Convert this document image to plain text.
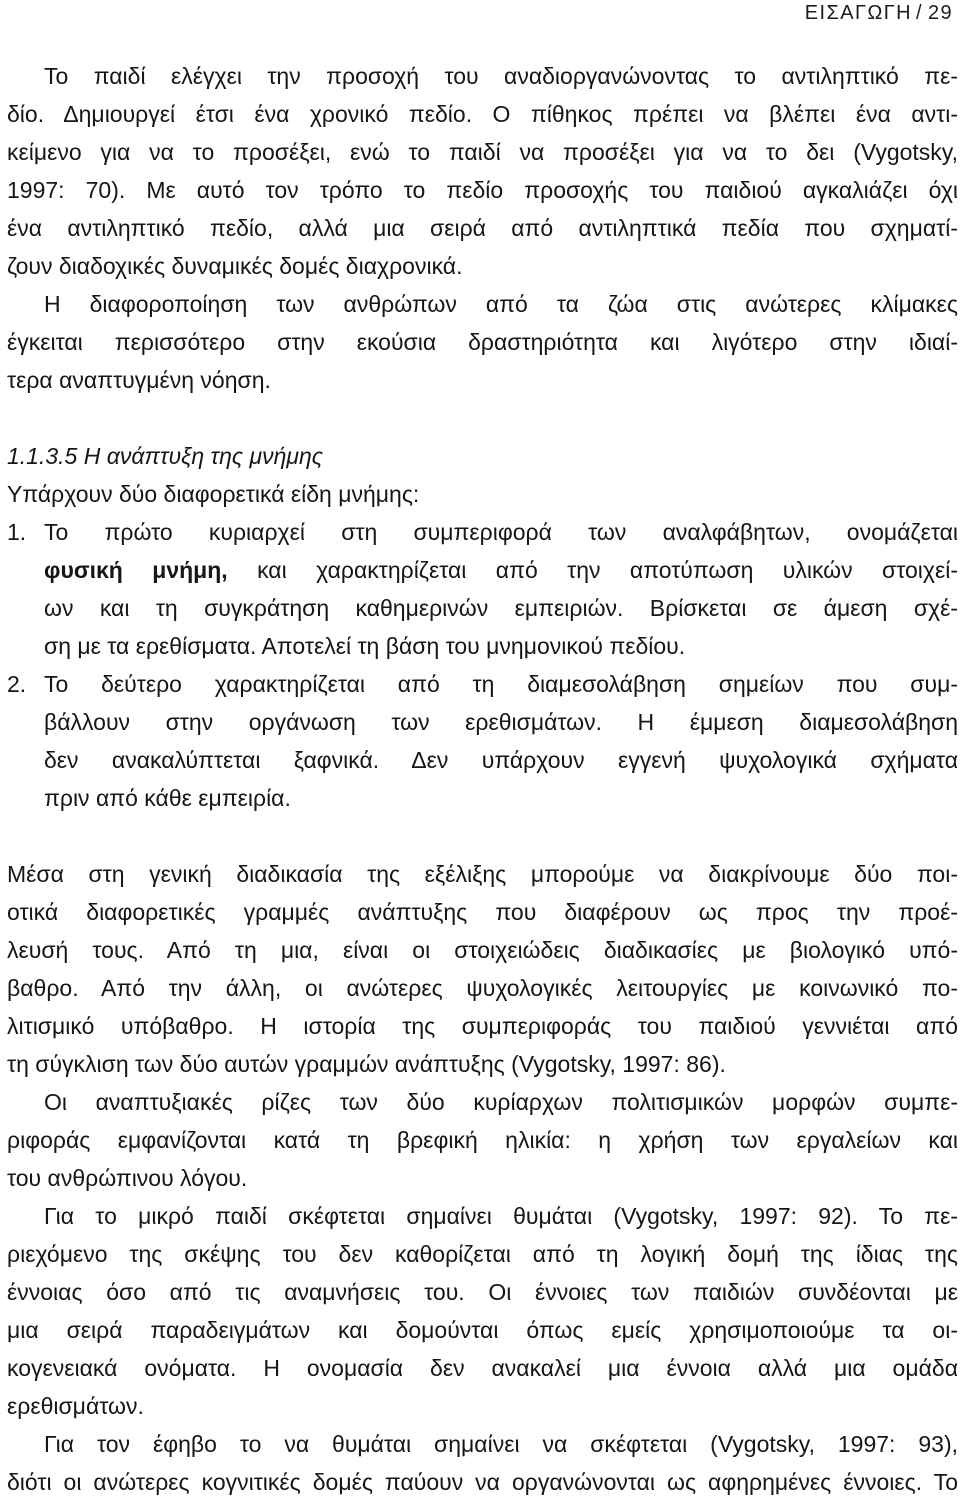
ΕΙΣΑΓΩΓΗ / 29
Το παιδί ελέγχει την προσοχή του αναδιοργανώνοντας το αντιληπτικό πε-
δίο. Δημιουργεί έτσι ένα χρονικό πεδίο. Ο πίθηκος πρέπει να βλέπει ένα αντι-
κείμενο για να το προσέξει, ενώ το παιδί να προσέξει για να το δει (Vygotsky,
1997: 70). Με αυτό τον τρόπο το πεδίο προσοχής του παιδιού αγκαλιάζει όχι
ένα αντιληπτικό πεδίο, αλλά μια σειρά από αντιληπτικά πεδία που σχηματί-
ζουν διαδοχικές δυναμικές δομές διαχρονικά.
Η διαφοροποίηση των ανθρώπων από τα ζώα στις ανώτερες κλίμακες
έγκειται περισσότερο στην εκούσια δραστηριότητα και λιγότερο στην ιδιαί-
τερα αναπτυγμένη νόηση.
1.1.3.5 Η ανάπτυξη της μνήμης
Υπάρχουν δύο διαφορετικά είδη μνήμης:
1. Το πρώτο κυριαρχεί στη συμπεριφορά των αναλφάβητων, ονομάζεται
φυσική μνήμη, και χαρακτηρίζεται από την αποτύπωση υλικών στοιχεί-
ων και τη συγκράτηση καθημερινών εμπειριών. Βρίσκεται σε άμεση σχέ-
ση με τα ερεθίσματα. Αποτελεί τη βάση του μνημονικού πεδίου.
2. Το δεύτερο χαρακτηρίζεται από τη διαμεσολάβηση σημείων που συμ-
βάλλουν στην οργάνωση των ερεθισμάτων. Η έμμεση διαμεσολάβηση
δεν ανακαλύπτεται ξαφνικά. Δεν υπάρχουν εγγενή ψυχολογικά σχήματα
πριν από κάθε εμπειρία.
Μέσα στη γενική διαδικασία της εξέλιξης μπορούμε να διακρίνουμε δύο ποι-
οτικά διαφορετικές γραμμές ανάπτυξης που διαφέρουν ως προς την προέ-
λευσή τους. Από τη μια, είναι οι στοιχειώδεις διαδικασίες με βιολογικό υπό-
βαθρο. Από την άλλη, οι ανώτερες ψυχολογικές λειτουργίες με κοινωνικό πο-
λιτισμικό υπόβαθρο. Η ιστορία της συμπεριφοράς του παιδιού γεννιέται από
τη σύγκλιση των δύο αυτών γραμμών ανάπτυξης (Vygotsky, 1997: 86).
Οι αναπτυξιακές ρίζες των δύο κυρίαρχων πολιτισμικών μορφών συμπε-
ριφοράς εμφανίζονται κατά τη βρεφική ηλικία: η χρήση των εργαλείων και
του ανθρώπινου λόγου.
Για το μικρό παιδί σκέφτεται σημαίνει θυμάται (Vygotsky, 1997: 92). Το πε-
ριεχόμενο της σκέψης του δεν καθορίζεται από τη λογική δομή της ίδιας της
έννοιας όσο από τις αναμνήσεις του. Οι έννοιες των παιδιών συνδέονται με
μια σειρά παραδειγμάτων και δομούνται όπως εμείς χρησιμοποιούμε τα οι-
κογενειακά ονόματα. Η ονομασία δεν ανακαλεί μια έννοια αλλά μια ομάδα
ερεθισμάτων.
Για τον έφηβο το να θυμάται σημαίνει να σκέφτεται (Vygotsky, 1997: 93),
διότι οι ανώτερες κογνιτικές δομές παύουν να οργανώνονται ως αφηρημένες έννοιες. Το
